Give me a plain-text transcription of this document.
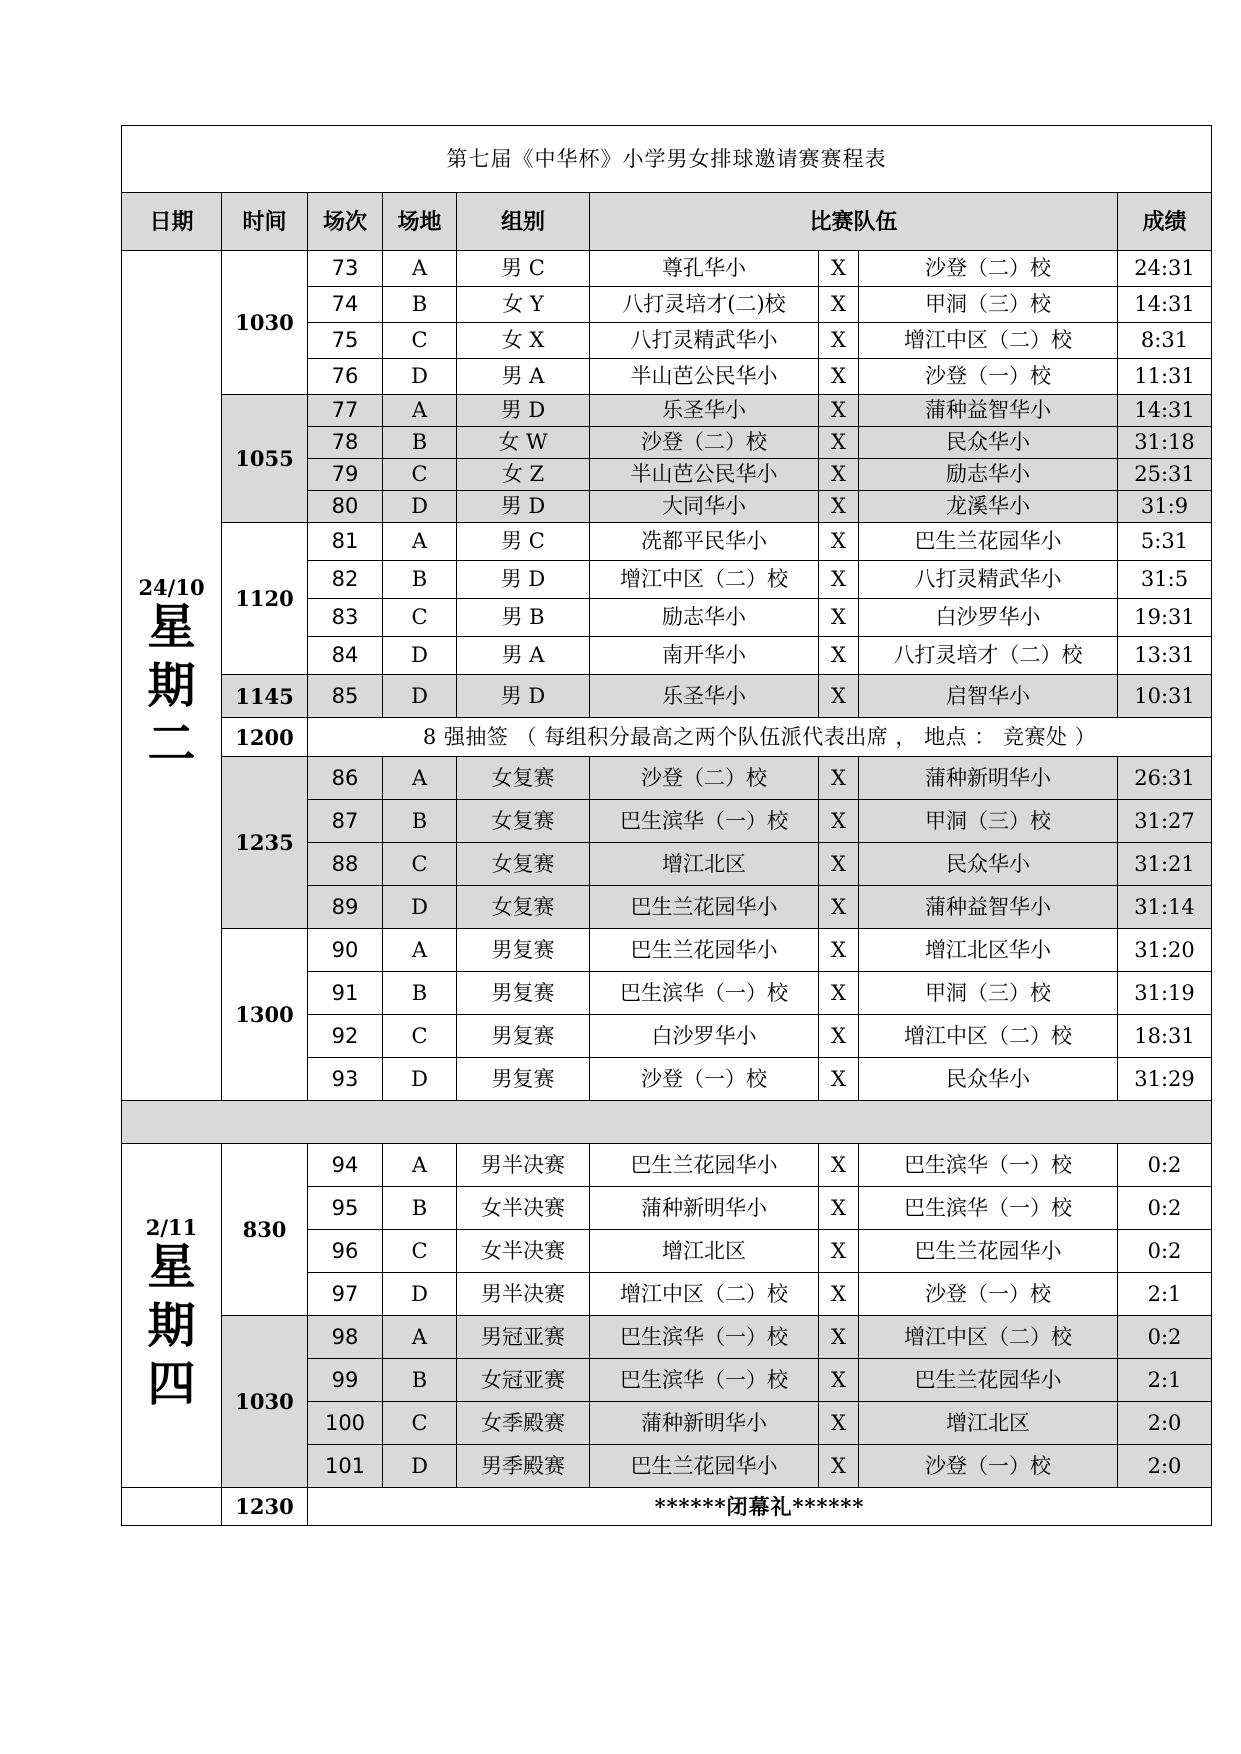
第七届《中华杯》小学男女排球邀请赛赛程表								
日期	时间	场次	场地	组别	比赛队伍			成绩
24/10
星
期
二	1030	73	A	男 C	尊孔华小	X	沙登（二）校	24:31
		74	B	女 Y	八打灵培才(二)校	X	甲洞（三）校	14:31
		75	C	女 X	八打灵精武华小	X	增江中区（二）校	8:31
		76	D	男 A	半山芭公民华小	X	沙登（一）校	11:31
	1055	77	A	男 D	乐圣华小	X	蒲种益智华小	14:31
		78	B	女 W	沙登（二）校	X	民众华小	31:18
		79	C	女 Z	半山芭公民华小	X	励志华小	25:31
		80	D	男 D	大同华小	X	龙溪华小	31:9
	1120	81	A	男 C	冼都平民华小	X	巴生兰花园华小	5:31
		82	B	男 D	增江中区（二）校	X	八打灵精武华小	31:5
		83	C	男 B	励志华小	X	白沙罗华小	19:31
		84	D	男 A	南开华小	X	八打灵培才（二）校	13:31
	1145	85	D	男 D	乐圣华小	X	启智华小	10:31
	1200	8 强抽签 （ 每组积分最高之两个队伍派代表出席 ， 地点 ： 竞赛处 ）						
	1235	86	A	女复赛	沙登（二）校	X	蒲种新明华小	26:31
		87	B	女复赛	巴生滨华（一）校	X	甲洞（三）校	31:27
		88	C	女复赛	增江北区	X	民众华小	31:21
		89	D	女复赛	巴生兰花园华小	X	蒲种益智华小	31:14
	1300	90	A	男复赛	巴生兰花园华小	X	增江北区华小	31:20
		91	B	男复赛	巴生滨华（一）校	X	甲洞（三）校	31:19
		92	C	男复赛	白沙罗华小	X	增江中区（二）校	18:31
		93	D	男复赛	沙登（一）校	X	民众华小	31:29

2/11
星
期
四	830	94	A	男半决赛	巴生兰花园华小	X	巴生滨华（一）校	0:2
		95	B	女半决赛	蒲种新明华小	X	巴生滨华（一）校	0:2
		96	C	女半决赛	增江北区	X	巴生兰花园华小	0:2
		97	D	男半决赛	增江中区（二）校	X	沙登（一）校	2:1
	1030	98	A	男冠亚赛	巴生滨华（一）校	X	增江中区（二）校	0:2
		99	B	女冠亚赛	巴生滨华（一）校	X	巴生兰花园华小	2:1
		100	C	女季殿赛	蒲种新明华小	X	增江北区	2:0
		101	D	男季殿赛	巴生兰花园华小	X	沙登（一）校	2:0
	1230	******闭幕礼******						
